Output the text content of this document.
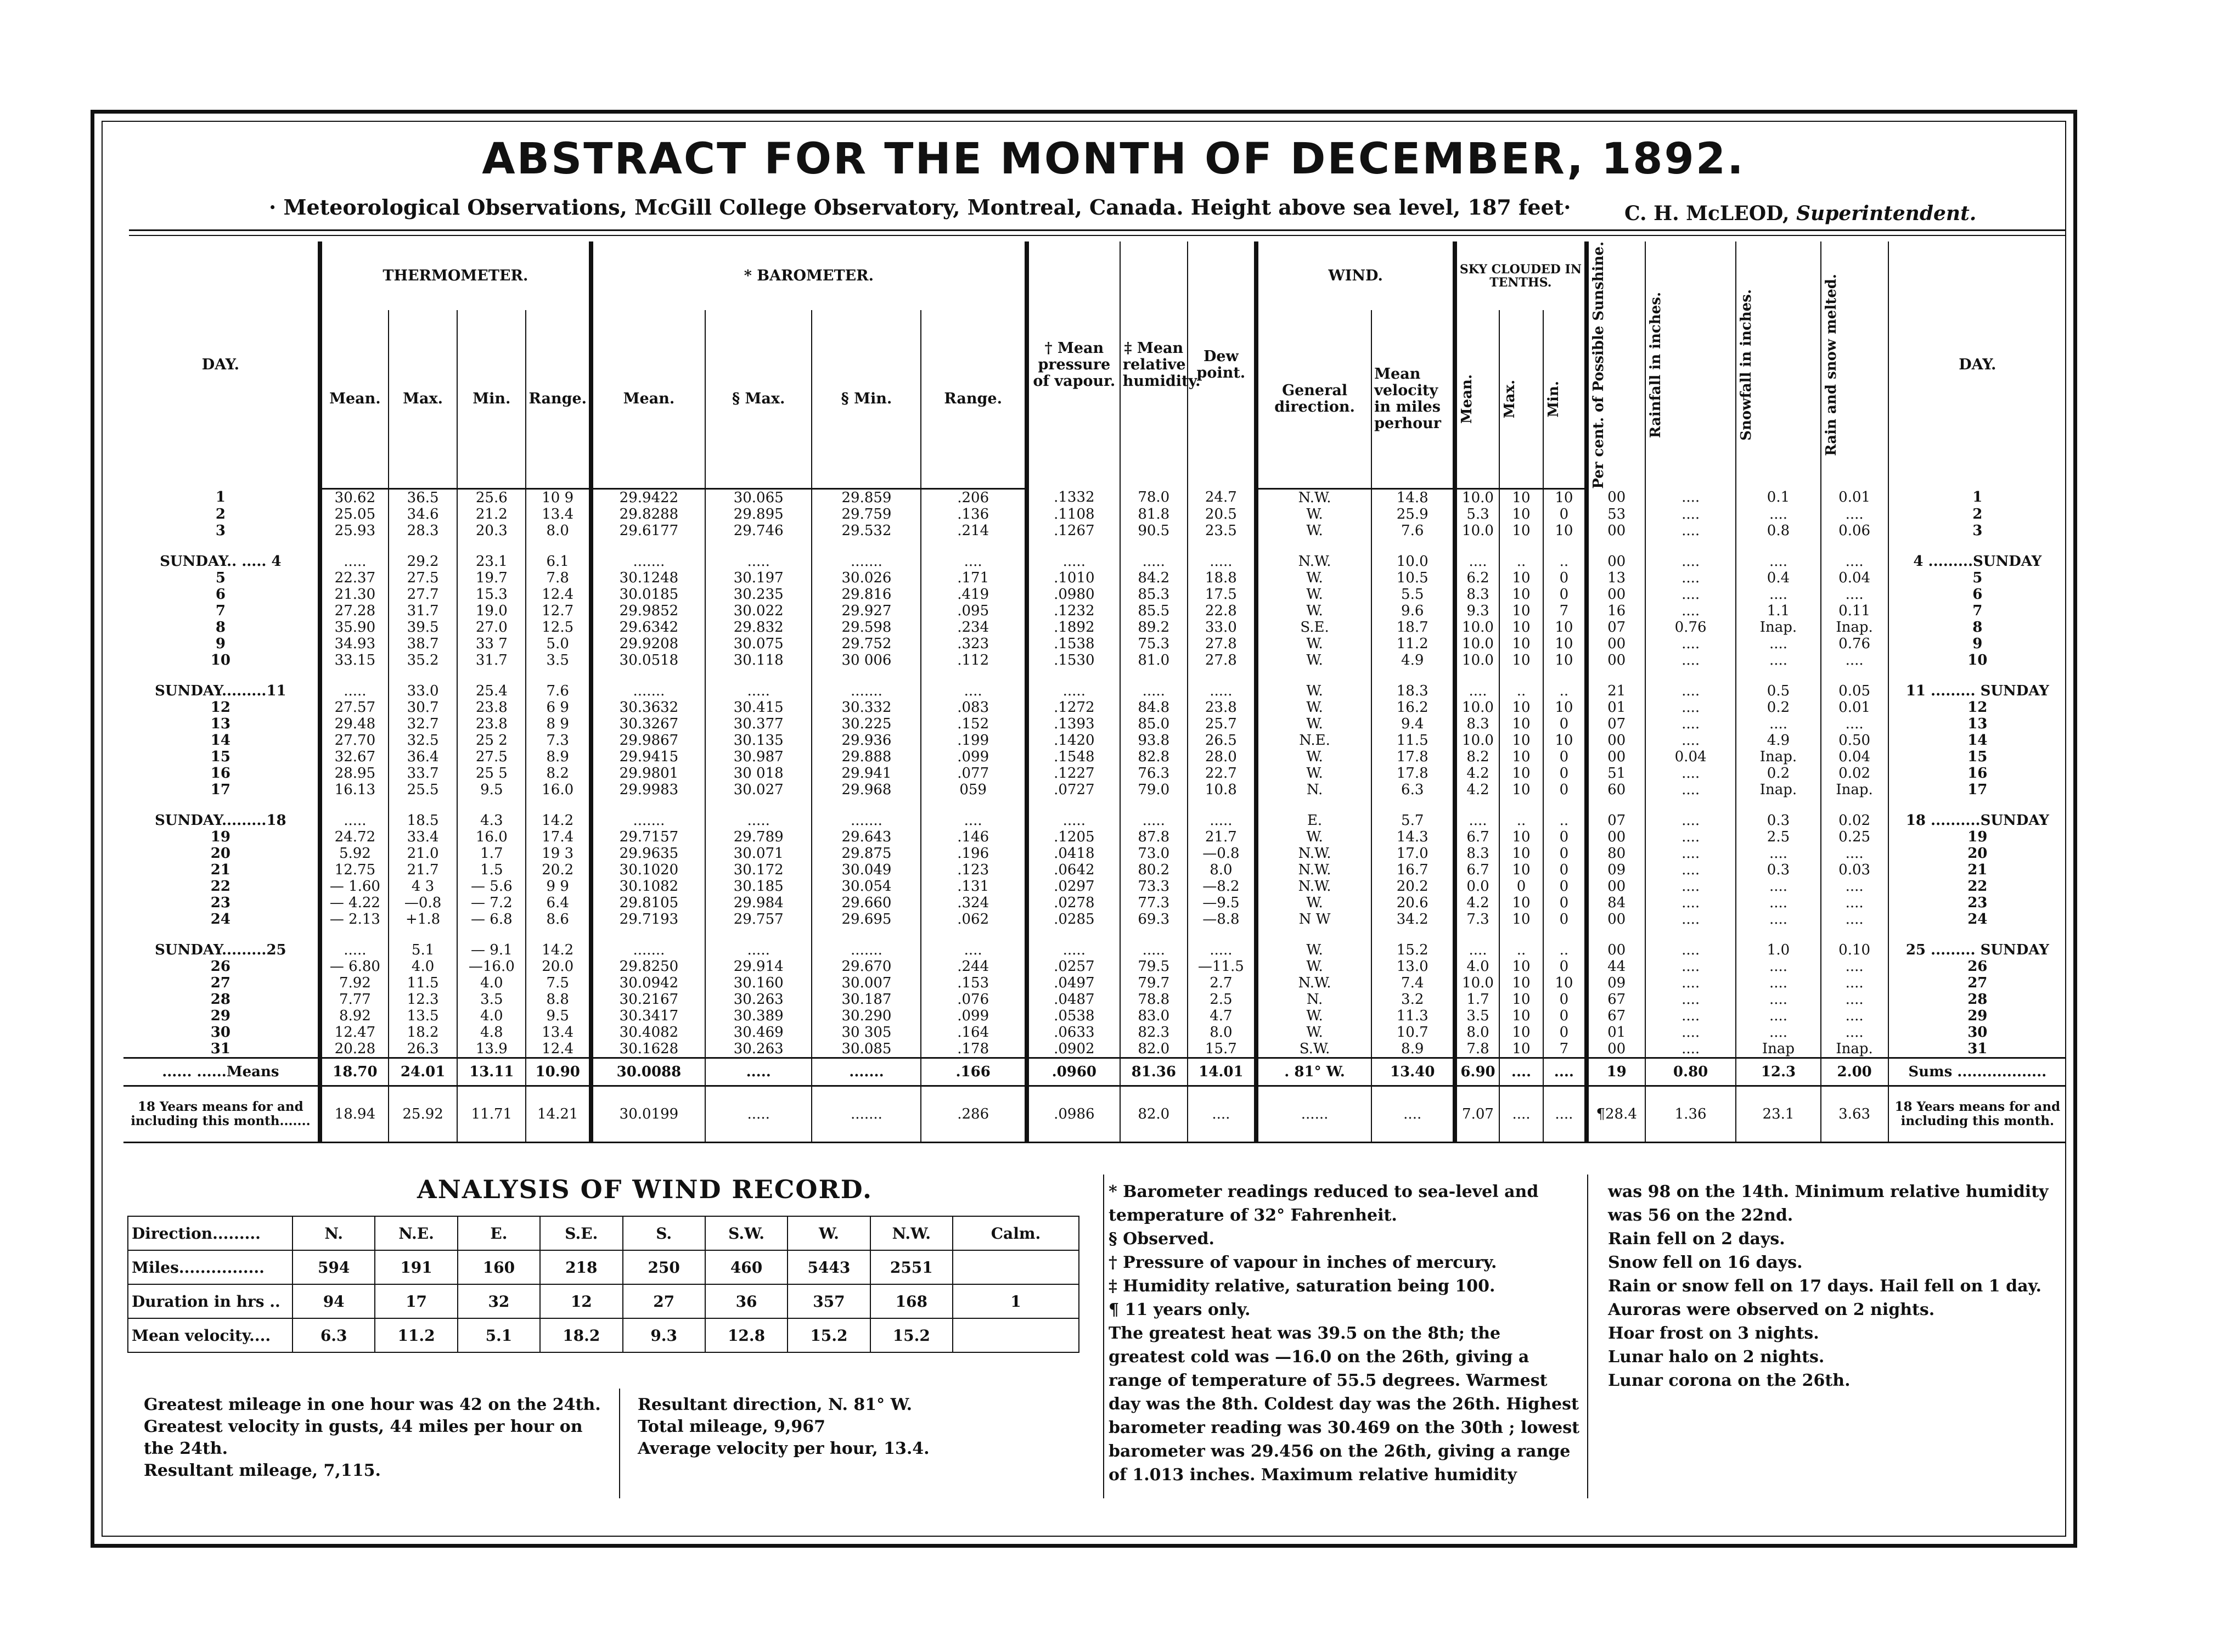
ABSTRACT FOR THE MONTH OF DECEMBER, 1892.
· Meteorological Observations, McGill College Observatory, Montreal, Canada. Height above sea level, 187 feet·	C. H. McLEOD, Superintendent.
DAY.	THERMOMETER.				* BAROMETER.				† Mean pressure of vapour.	‡ Mean relative humidity.	Dew point.	WIND.		SKY CLOUDED IN TENTHS.			Per cent. of Possible Sunshine.	Rainfall in inches.	Snowfall in inches.	Rain and snow melted.	DAY.
	Mean.	Max.	Min.	Range.	Mean.	§ Max.	§ Min.	Range.				General direction.	Mean velocity in miles perhour	Mean.	Max.	Min.					

1	30.62	36.5	25.6	10 9	29.9422	30.065	29.859	.206	.1332	78.0	24.7	N.W.	14.8	10.0	10	10	00	....	0.1	0.01	1
2	25.05	34.6	21.2	13.4	29.8288	29.895	29.759	.136	.1108	81.8	20.5	W.	25.9	5.3	10	0	53	....	....	....	2
3	25.93	28.3	20.3	8.0	29.6177	29.746	29.532	.214	.1267	90.5	23.5	W.	7.6	10.0	10	10	00	....	0.8	0.06	3
SUNDAY.. ..... 4	.....	29.2	23.1	6.1	.......	.....	.......	....	.....	.....	.....	N.W.	10.0	....	..	..	00	....	....	....	4 .........SUNDAY
5	22.37	27.5	19.7	7.8	30.1248	30.197	30.026	.171	.1010	84.2	18.8	W.	10.5	6.2	10	0	13	....	0.4	0.04	5
6	21.30	27.7	15.3	12.4	30.0185	30.235	29.816	.419	.0980	85.3	17.5	W.	5.5	8.3	10	0	00	....	....	....	6
7	27.28	31.7	19.0	12.7	29.9852	30.022	29.927	.095	.1232	85.5	22.8	W.	9.6	9.3	10	7	16	....	1.1	0.11	7
8	35.90	39.5	27.0	12.5	29.6342	29.832	29.598	.234	.1892	89.2	33.0	S.E.	18.7	10.0	10	10	07	0.76	Inap.	Inap.	8
9	34.93	38.7	33 7	5.0	29.9208	30.075	29.752	.323	.1538	75.3	27.8	W.	11.2	10.0	10	10	00	....	....	0.76	9
10	33.15	35.2	31.7	3.5	30.0518	30.118	30 006	.112	.1530	81.0	27.8	W.	4.9	10.0	10	10	00	....	....	....	10
SUNDAY.........11	.....	33.0	25.4	7.6	.......	.....	.......	....	.....	.....	.....	W.	18.3	....	..	..	21	....	0.5	0.05	11 ......... SUNDAY
12	27.57	30.7	23.8	6 9	30.3632	30.415	30.332	.083	.1272	84.8	23.8	W.	16.2	10.0	10	10	01	....	0.2	0.01	12
13	29.48	32.7	23.8	8 9	30.3267	30.377	30.225	.152	.1393	85.0	25.7	W.	9.4	8.3	10	0	07	....	....	....	13
14	27.70	32.5	25 2	7.3	29.9867	30.135	29.936	.199	.1420	93.8	26.5	N.E.	11.5	10.0	10	10	00	....	4.9	0.50	14
15	32.67	36.4	27.5	8.9	29.9415	30.987	29.888	.099	.1548	82.8	28.0	W.	17.8	8.2	10	0	00	0.04	Inap.	0.04	15
16	28.95	33.7	25 5	8.2	29.9801	30 018	29.941	.077	.1227	76.3	22.7	W.	17.8	4.2	10	0	51	....	0.2	0.02	16
17	16.13	25.5	9.5	16.0	29.9983	30.027	29.968	059	.0727	79.0	10.8	N.	6.3	4.2	10	0	60	....	Inap.	Inap.	17
SUNDAY.........18	.....	18.5	4.3	14.2	.......	.....	.......	....	.....	.....	.....	E.	5.7	....	..	..	07	....	0.3	0.02	18 ..........SUNDAY
19	24.72	33.4	16.0	17.4	29.7157	29.789	29.643	.146	.1205	87.8	21.7	W.	14.3	6.7	10	0	00	....	2.5	0.25	19
20	5.92	21.0	1.7	19 3	29.9635	30.071	29.875	.196	.0418	73.0	—0.8	N.W.	17.0	8.3	10	0	80	....	....	....	20
21	12.75	21.7	1.5	20.2	30.1020	30.172	30.049	.123	.0642	80.2	8.0	N.W.	16.7	6.7	10	0	09	....	0.3	0.03	21
22	— 1.60	4 3	— 5.6	9 9	30.1082	30.185	30.054	.131	.0297	73.3	—8.2	N.W.	20.2	0.0	0	0	00	....	....	....	22
23	— 4.22	—0.8	— 7.2	6.4	29.8105	29.984	29.660	.324	.0278	77.3	—9.5	W.	20.6	4.2	10	0	84	....	....	....	23
24	— 2.13	+1.8	— 6.8	8.6	29.7193	29.757	29.695	.062	.0285	69.3	—8.8	N W	34.2	7.3	10	0	00	....	....	....	24
SUNDAY.........25	.....	5.1	— 9.1	14.2	.......	.....	.......	....	.....	.....	.....	W.	15.2	....	..	..	00	....	1.0	0.10	25 ......... SUNDAY
26	— 6.80	4.0	—16.0	20.0	29.8250	29.914	29.670	.244	.0257	79.5	—11.5	W.	13.0	4.0	10	0	44	....	....	....	26
27	7.92	11.5	4.0	7.5	30.0942	30.160	30.007	.153	.0497	79.7	2.7	N.W.	7.4	10.0	10	10	09	....	....	....	27
28	7.77	12.3	3.5	8.8	30.2167	30.263	30.187	.076	.0487	78.8	2.5	N.	3.2	1.7	10	0	67	....	....	....	28
29	8.92	13.5	4.0	9.5	30.3417	30.389	30.290	.099	.0538	83.0	4.7	W.	11.3	3.5	10	0	67	....	....	....	29
30	12.47	18.2	4.8	13.4	30.4082	30.469	30 305	.164	.0633	82.3	8.0	W.	10.7	8.0	10	0	01	....	....	....	30
31	20.28	26.3	13.9	12.4	30.1628	30.263	30.085	.178	.0902	82.0	15.7	S.W.	8.9	7.8	10	7	00	....	Inap	Inap.	31
...... ......Means	18.70	24.01	13.11	10.90	30.0088	.....	.......	.166	.0960	81.36	14.01	. 81° W.	13.40	6.90	....	....	19	0.80	12.3	2.00	Sums ..................
18 Years means for and including this month.......	18.94	25.92	11.71	14.21	30.0199	.....	.......	.286	.0986	82.0	....	......	....	7.07	....	....	¶28.4	1.36	23.1	3.63	18 Years means for and including this month.
ANALYSIS OF WIND RECORD.
Direction.........	N.	N.E.	E.	S.E.	S.	S.W.	W.	N.W.	Calm.
Miles................	594	191	160	218	250	460	5443	2551	
Duration in hrs ..	94	17	32	12	27	36	357	168	1
Mean velocity....	6.3	11.2	5.1	18.2	9.3	12.8	15.2	15.2	

Greatest mileage in one hour was 42 on the 24th.

Greatest velocity in gusts, 44 miles per hour on the 24th.

Resultant mileage, 7,115.

Resultant direction, N. 81° W.

Total mileage, 9,967

Average velocity per hour, 13.4.

* Barometer readings reduced to sea-level and temperature of 32° Fahrenheit.

§ Observed.

† Pressure of vapour in inches of mercury.

‡ Humidity relative, saturation being 100.

¶ 11 years only.

The greatest heat was 39.5 on the 8th; the greatest cold was —16.0 on the 26th, giving a range of temperature of 55.5 degrees. Warmest day was the 8th. Coldest day was the 26th. Highest barometer reading was 30.469 on the 30th ; lowest barometer was 29.456 on the 26th, giving a range of 1.013 inches. Maximum relative humidity

was 98 on the 14th. Minimum relative humidity was 56 on the 22nd.

Rain fell on 2 days.

Snow fell on 16 days.

Rain or snow fell on 17 days. Hail fell on 1 day.

Auroras were observed on 2 nights.

Hoar frost on 3 nights.

Lunar halo on 2 nights.

Lunar corona on the 26th.
